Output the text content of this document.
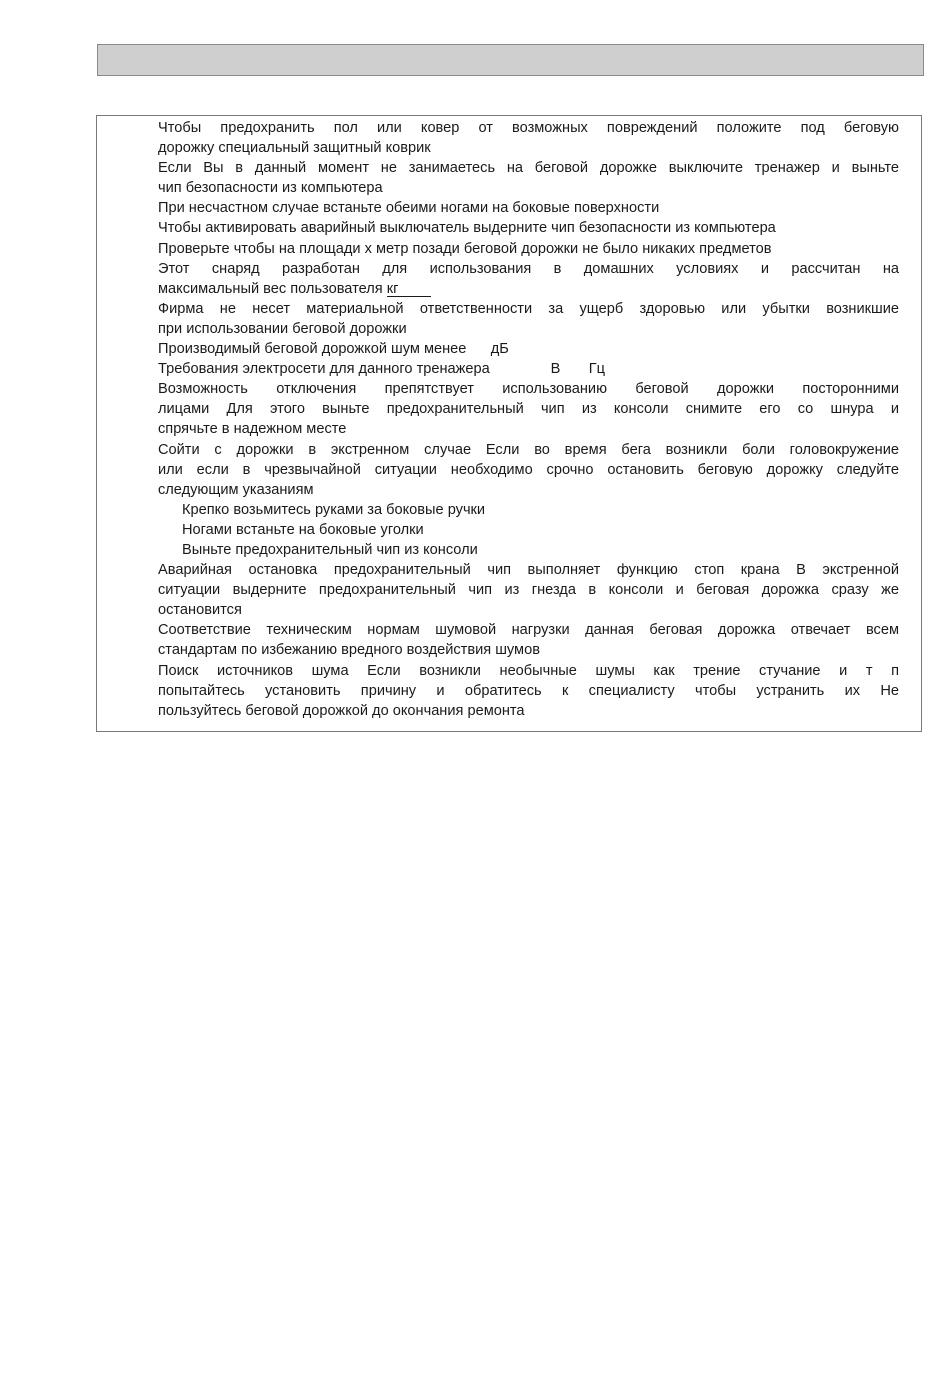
Чтобы предохранить пол или ковер от возможных повреждений положите под беговую
дорожку специальный защитный коврик
Если Вы в данный момент не занимаетесь на беговой дорожке выключите тренажер и выньте
чип безопасности из компьютера
При несчастном случае встаньте обеими ногами на боковые поверхности
Чтобы активировать аварийный выключатель выдерните чип безопасности из компьютера
Проверьте чтобы на площади х метр позади беговой дорожки не было никаких предметов
Этот снаряд разработан для использования в домашних условиях и рассчитан на
максимальный вес пользователя кг
Фирма не несет материальной ответственности за ущерб здоровью или убытки возникшие
при использовании беговой дорожки
Производимый беговой дорожкой шум менее      дБ
Требования электросети для данного тренажера               В       Гц
Возможность отключения препятствует использованию беговой дорожки посторонними
лицами Для этого выньте предохранительный чип из консоли снимите его со шнура и
спрячьте в надежном месте
Сойти с дорожки в экстренном случае Если во время бега возникли боли головокружение
или если в чрезвычайной ситуации необходимо срочно остановить беговую дорожку следуйте
следующим указаниям

Крепко возьмитесь руками за боковые ручки

Ногами встаньте на боковые уголки

Выньте предохранительный чип из консоли

Аварийная остановка предохранительный чип выполняет функцию стоп крана В экстренной
ситуации выдерните предохранительный чип из гнезда в консоли и беговая дорожка сразу же
остановится
Соответствие техническим нормам шумовой нагрузки данная беговая дорожка отвечает всем
стандартам по избежанию вредного воздействия шумов
Поиск источников шума Если возникли необычные шумы как трение стучание и т п
попытайтесь установить причину и обратитесь к специалисту чтобы устранить их Не
пользуйтесь беговой дорожкой до окончания ремонта
